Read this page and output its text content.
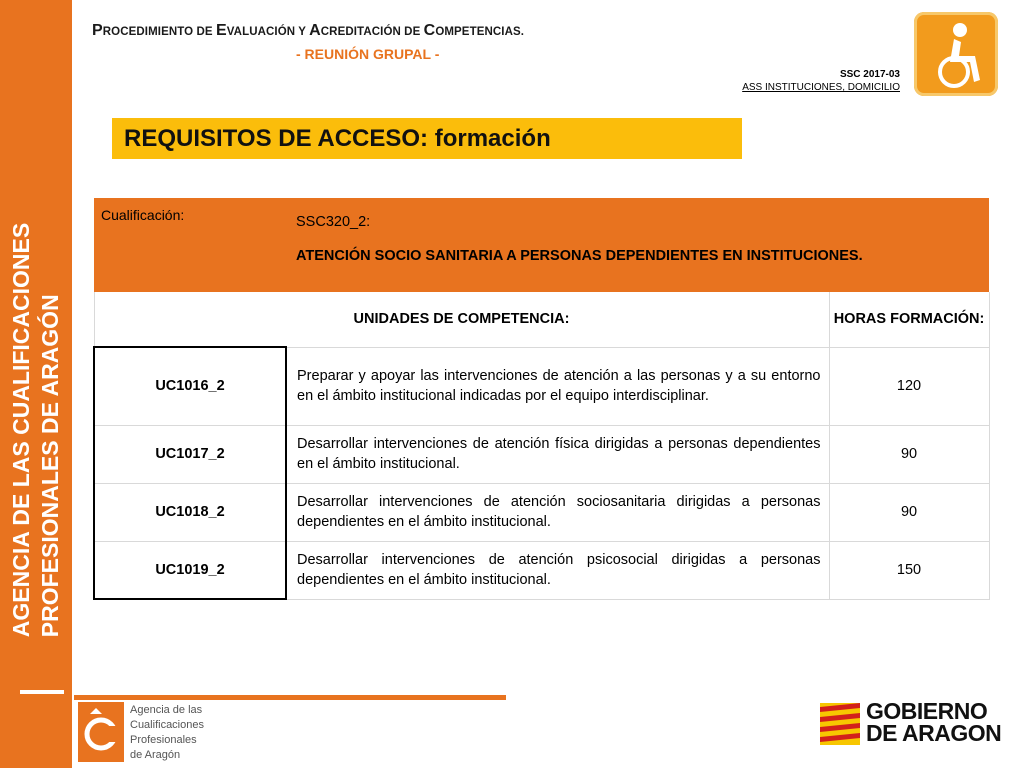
AGENCIA DE LAS CUALIFICACIONES PROFESIONALES DE ARAGÓN
PROCEDIMIENTO DE EVALUACIÓN Y ACREDITACIÓN DE COMPETENCIAS.
- REUNIÓN GRUPAL -
SSC 2017-03
ASS INSTITUCIONES, DOMICILIO
REQUISITOS DE ACCESO: formación
Cualificación:	SSC320_2:
ATENCIÓN SOCIO SANITARIA A PERSONAS DEPENDIENTES EN INSTITUCIONES.	

UNIDADES DE COMPETENCIA:		HORAS FORMACIÓN:
UC1016_2	Preparar y apoyar las intervenciones de atención a las personas y a su entorno en el ámbito institucional indicadas por el equipo interdisciplinar.	120
UC1017_2	Desarrollar intervenciones de atención física dirigidas a personas dependientes en el ámbito institucional.	90
UC1018_2	Desarrollar intervenciones de atención sociosanitaria dirigidas a personas dependientes en el ámbito institucional.	90
UC1019_2	Desarrollar intervenciones de atención psicosocial dirigidas a personas dependientes en el ámbito institucional.	150
Agencia de las
Cualificaciones
Profesionales
de Aragón
GOBIERNO
DE ARAGON
